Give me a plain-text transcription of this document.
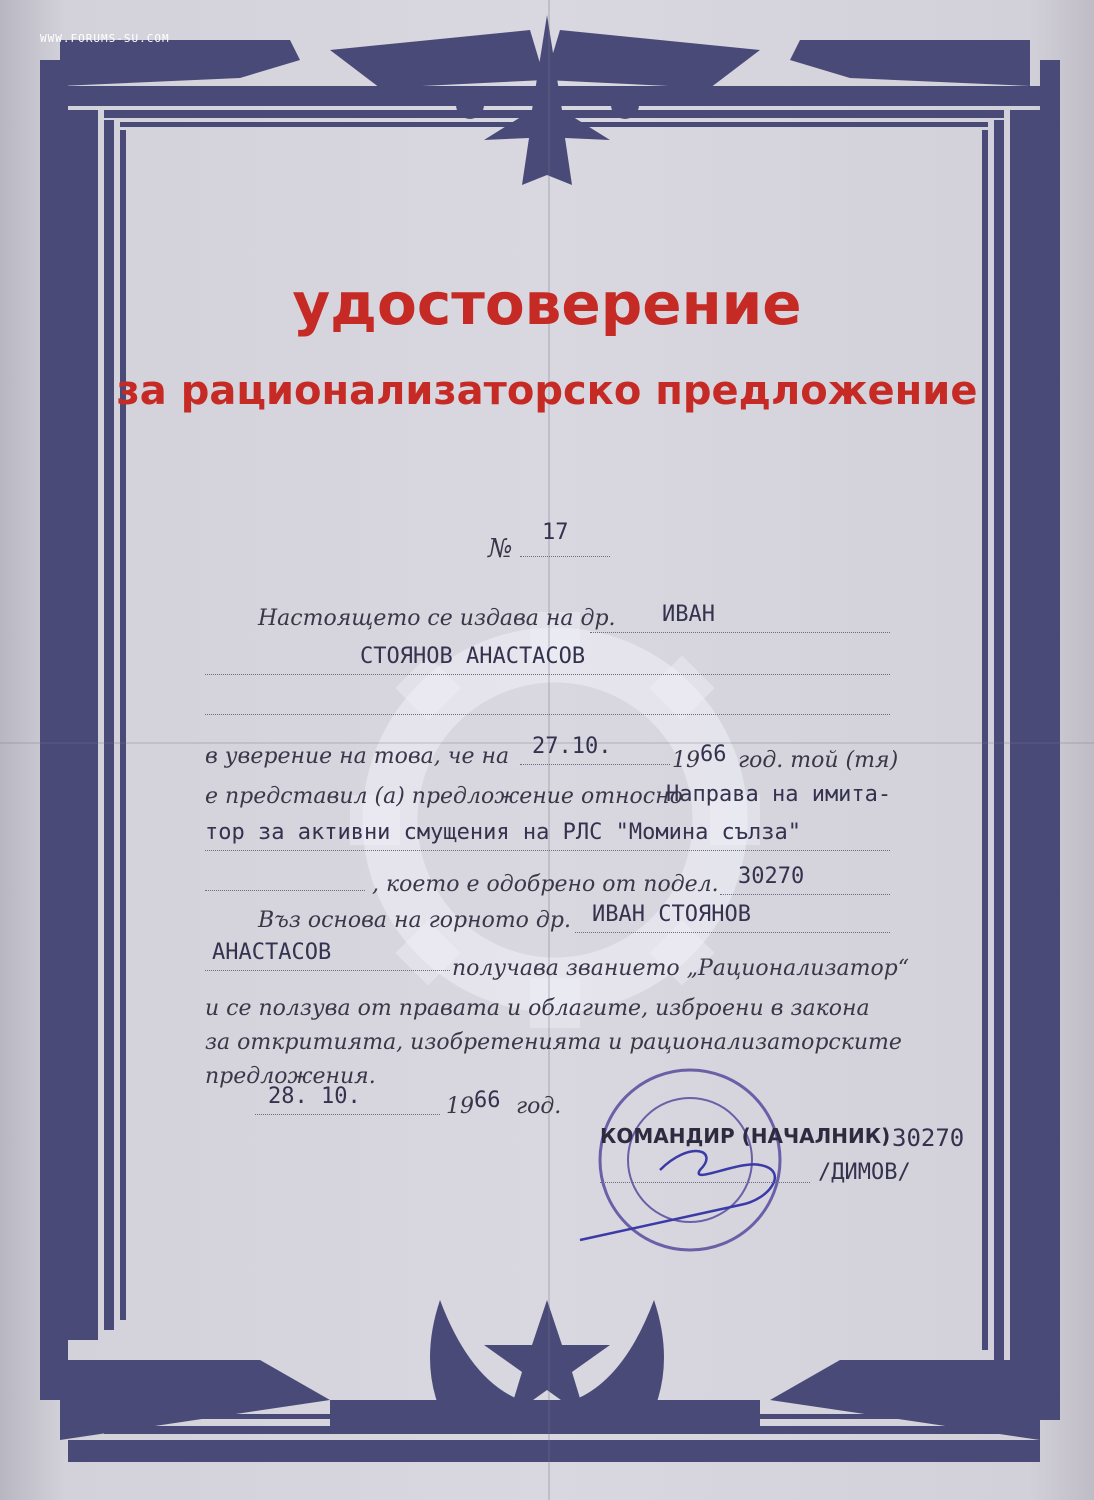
WWW.FORUMS-SU.COM
удостоверение
за рационализаторско предложение
№
17
Настоящето се издава на др. ИВАН
СТОЯНОВ АНАСТАСОВ
в уверение на това, че на 27.10.
19 66 год. той (тя)
е представил (а) предложение относно
Направа на имита-
тор за активни смущения на РЛС "Момина сълза"
, което е одобрено от подел. 30270
Въз основа на горното др. ИВАН СТОЯНОВ
АНАСТАСОВ
получава званието „Рационализатор“
и се ползува от правата и облагите, изброени в закона
за откритията, изобретенията и рационализаторските
предложения.
28. 10.	19 66 год.
КОМАНДИР (НАЧАЛНИК) 30270
/ДИМОВ/
